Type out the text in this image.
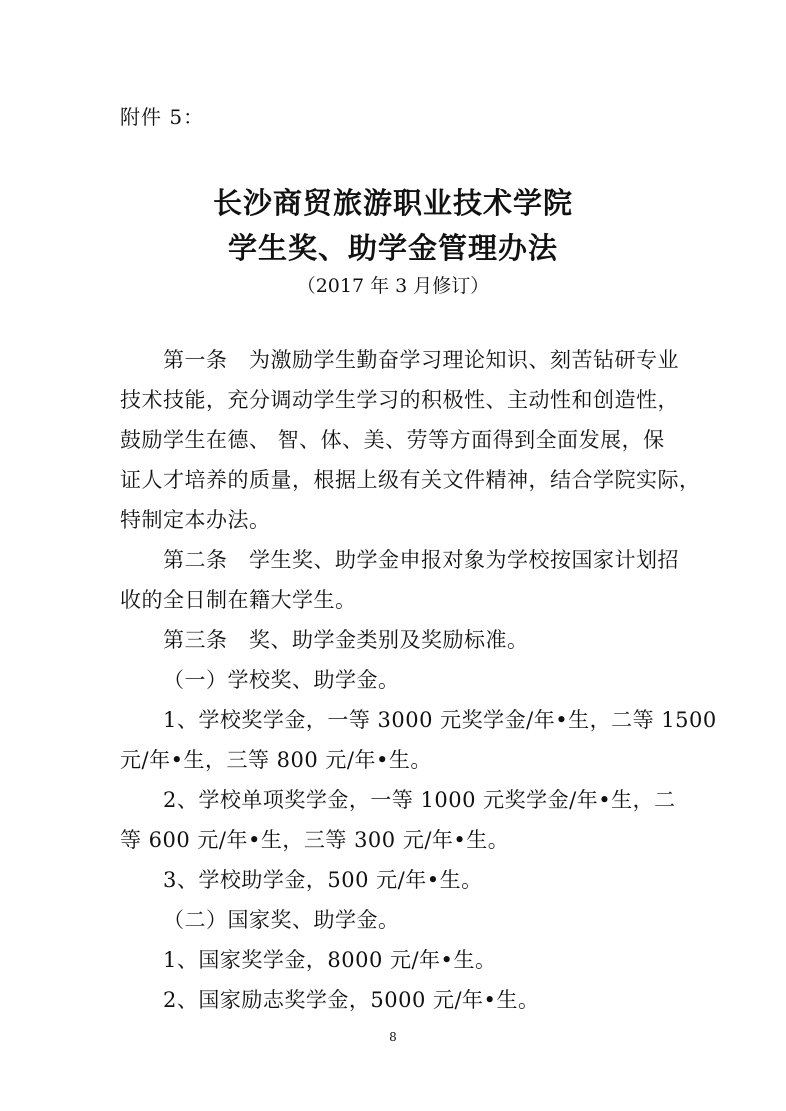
附件 5：
长沙商贸旅游职业技术学院
学生奖、助学金管理办法
（2017 年 3 月修订）
第一条　为激励学生勤奋学习理论知识、刻苦钻研专业
技术技能，充分调动学生学习的积极性、主动性和创造性，
鼓励学生在德、 智、体、美、劳等方面得到全面发展，保
证人才培养的质量，根据上级有关文件精神，结合学院实际，
特制定本办法。
第二条　学生奖、助学金申报对象为学校按国家计划招
收的全日制在籍大学生。
第三条　奖、助学金类别及奖励标准。
（一）学校奖、助学金。
1、学校奖学金，一等 3000 元奖学金/年•生，二等 1500
元/年•生，三等 800 元/年•生。
2、学校单项奖学金，一等 1000 元奖学金/年•生，二
等 600 元/年•生，三等 300 元/年•生。
3、学校助学金，500 元/年•生。
（二）国家奖、助学金。
8
1、国家奖学金，8000 元/年•生。
2、国家励志奖学金，5000 元/年•生。
